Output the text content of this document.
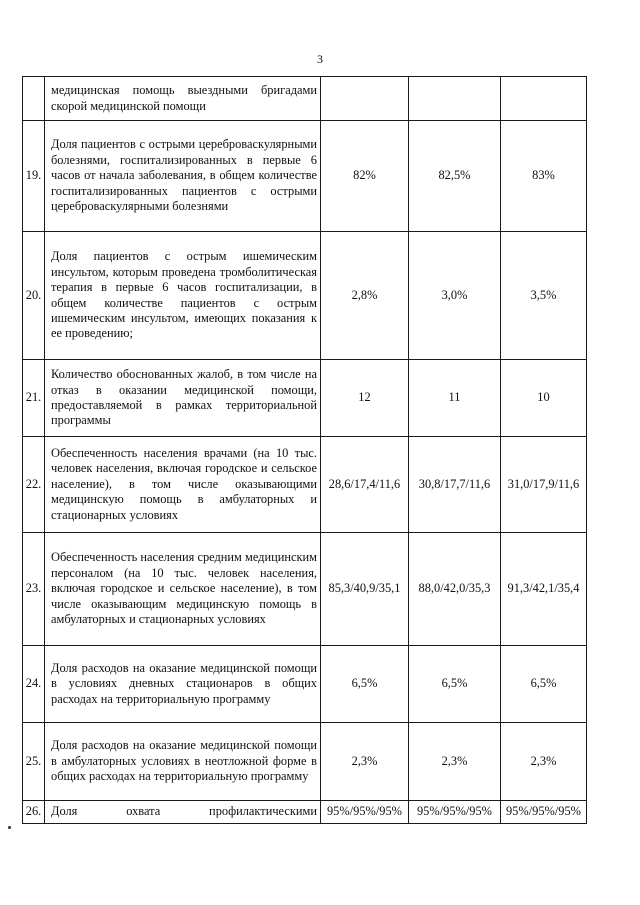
3
	медицинская помощь выездными бригадами скорой медицинской помощи			
19.	Доля пациентов с острыми цереброваскулярными болезнями, госпитализированных в первые 6 часов от начала заболевания, в общем количестве госпитализированных пациентов с острыми цереброваскулярными болезнями	82%	82,5%	83%
20.	Доля пациентов с острым ишемическим инсультом, которым проведена тромболитическая терапия в первые 6 часов госпитализации, в общем количестве пациентов с острым ишемическим инсультом, имеющих показания к ее проведению;	2,8%	3,0%	3,5%
21.	Количество обоснованных жалоб, в том числе на отказ в оказании медицинской помощи, предоставляемой в рамках территориальной программы	12	11	10
22.	Обеспеченность населения врачами (на 10 тыс. человек населения, включая городское и сельское население), в том числе оказывающими медицинскую помощь в амбулаторных и стационарных условиях	28,6/17,4/11,6	30,8/17,7/11,6	31,0/17,9/11,6
23.	Обеспеченность населения средним медицинским персоналом (на 10 тыс. человек населения, включая городское и сельское население), в том числе оказывающим медицинскую помощь в амбулаторных и стационарных условиях	85,3/40,9/35,1	88,0/42,0/35,3	91,3/42,1/35,4
24.	Доля расходов на оказание медицинской помощи в условиях дневных стационаров в общих расходах на территориальную программу	6,5%	6,5%	6,5%
25.	Доля расходов на оказание медицинской помощи в амбулаторных условиях в неотложной форме в общих расходах на территориальную программу	2,3%	2,3%	2,3%
26.	Доля охвата профилактическими	95%/95%/95%	95%/95%/95%	95%/95%/95%
